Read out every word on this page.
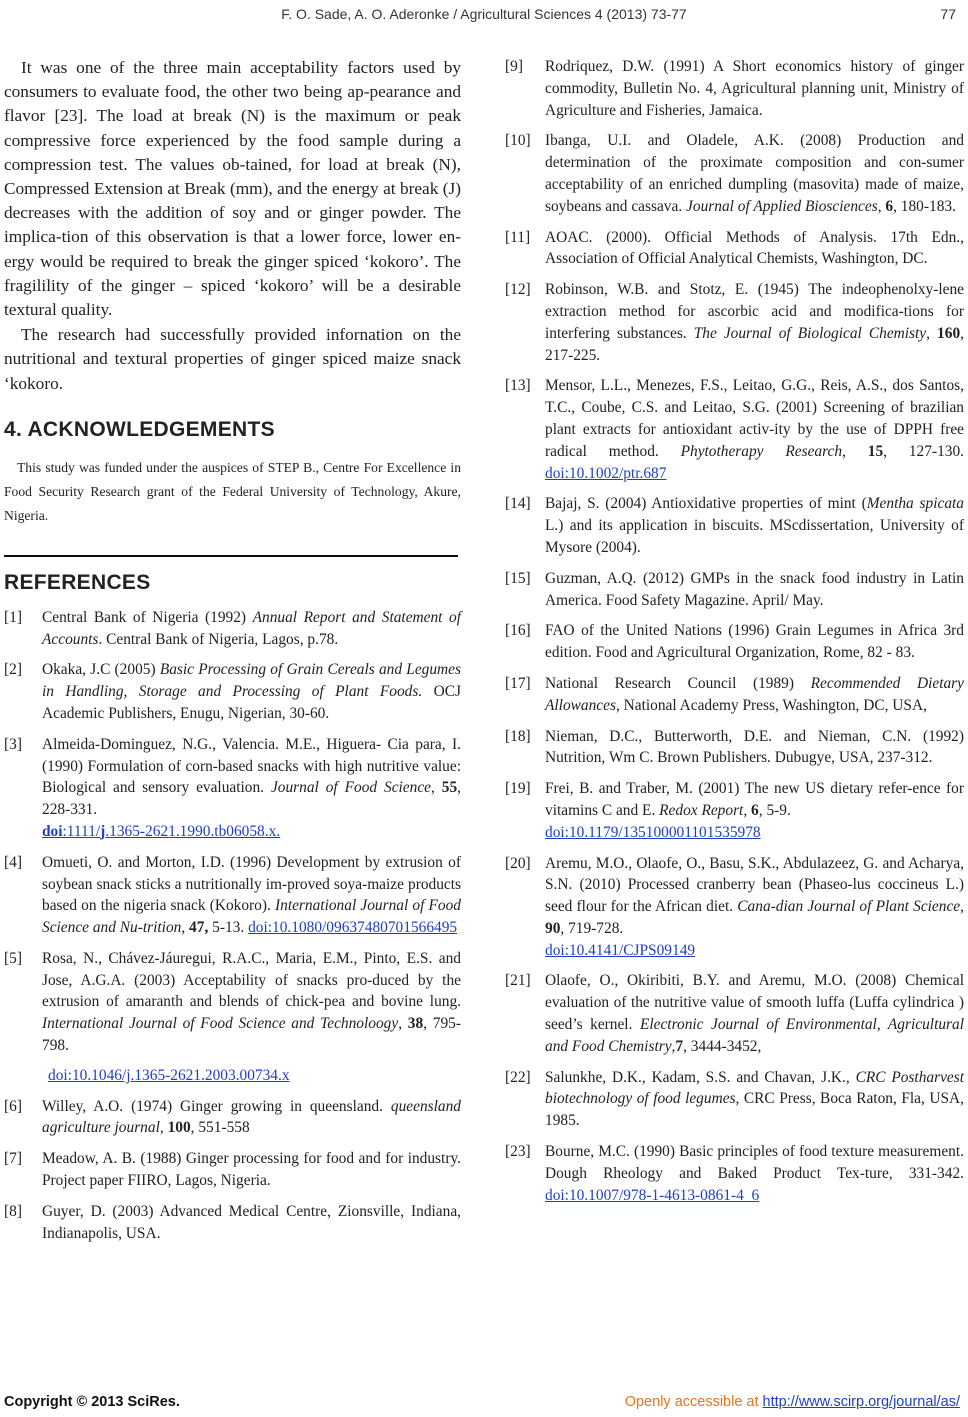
F. O. Sade, A. O. Aderonke / Agricultural Sciences 4 (2013) 73-77	77

It was one of the three main acceptability factors used by consumers to evaluate food, the other two being ap-pearance and flavor [23]. The load at break (N) is the maximum or peak compressive force experienced by the food sample during a compression test. The values ob-tained, for load at break (N), Compressed Extension at Break (mm), and the energy at break (J) decreases with the addition of soy and or ginger powder. The implica-tion of this observation is that a lower force, lower en-ergy would be required to break the ginger spiced ‘kokoro’. The fragilility of the ginger – spiced ‘kokoro’ will be a desirable textural quality.

The research had successfully provided infornation on the nutritional and textural properties of ginger spiced maize snack ‘kokoro.

4. ACKNOWLEDGEMENTS

This study was funded under the auspices of STEP B., Centre For Excellence in Food Security Research grant of the Federal University of Technology, Akure, Nigeria.

REFERENCES
[1] Central Bank of Nigeria (1992) Annual Report and Statement of Accounts. Central Bank of Nigeria, Lagos, p.78.
[2] Okaka, J.C (2005) Basic Processing of Grain Cereals and Legumes in Handling, Storage and Processing of Plant Foods. OCJ Academic Publishers, Enugu, Nigerian, 30-60.
[3] Almeida-Dominguez, N.G., Valencia. M.E., Higuera- Cia para, I. (1990) Formulation of corn-based snacks with high nutritive value: Biological and sensory evaluation. Journal of Food Science, 55, 228-331.
doi:1111/j.1365-2621.1990.tb06058.x.
[4] Omueti, O. and Morton, I.D. (1996) Development by extrusion of soybean snack sticks a nutritionally im-proved soya-maize products based on the nigeria snack (Kokoro). International Journal of Food Science and Nu-trition, 47, 5-13. doi:10.1080/09637480701566495
[5] Rosa, N., Chávez-Jáuregui, R.A.C., Maria, E.M., Pinto, E.S. and Jose, A.G.A. (2003) Acceptability of snacks pro-duced by the extrusion of amaranth and blends of chick-pea and bovine lung. International Journal of Food Science and Technoloogy, 38, 795-798.
doi:10.1046/j.1365-2621.2003.00734.x
[6] Willey, A.O. (1974) Ginger growing in queensland. queensland agriculture journal, 100, 551-558
[7] Meadow, A. B. (1988) Ginger processing for food and for industry. Project paper FIIRO, Lagos, Nigeria.
[8] Guyer, D. (2003) Advanced Medical Centre, Zionsville, Indiana, Indianapolis, USA.
[9] Rodriquez, D.W. (1991) A Short economics history of ginger commodity, Bulletin No. 4, Agricultural planning unit, Ministry of Agriculture and Fisheries, Jamaica.
[10] Ibanga, U.I. and Oladele, A.K. (2008) Production and determination of the proximate composition and con-sumer acceptability of an enriched dumpling (masovita) made of maize, soybeans and cassava. Journal of Applied Biosciences, 6, 180-183.
[11] AOAC. (2000). Official Methods of Analysis. 17th Edn., Association of Official Analytical Chemists, Washington, DC.
[12] Robinson, W.B. and Stotz, E. (1945) The indeophenolxy-lene extraction method for ascorbic acid and modifica-tions for interfering substances. The Journal of Biological Chemisty, 160, 217-225.
[13] Mensor, L.L., Menezes, F.S., Leitao, G.G., Reis, A.S., dos Santos, T.C., Coube, C.S. and Leitao, S.G. (2001) Screening of brazilian plant extracts for antioxidant activ-ity by the use of DPPH free radical method. Phytotherapy Research, 15, 127-130. doi:10.1002/ptr.687
[14] Bajaj, S. (2004) Antioxidative properties of mint (Mentha spicata L.) and its application in biscuits. MScdissertation, University of Mysore (2004).
[15] Guzman, A.Q. (2012) GMPs in the snack food industry in Latin America. Food Safety Magazine. April/ May.
[16] FAO of the United Nations (1996) Grain Legumes in Africa 3rd edition. Food and Agricultural Organization, Rome, 82 - 83.
[17] National Research Council (1989) Recommended Dietary Allowances, National Academy Press, Washington, DC, USA,
[18] Nieman, D.C., Butterworth, D.E. and Nieman, C.N. (1992) Nutrition, Wm C. Brown Publishers. Dubugye, USA, 237-312.
[19] Frei, B. and Traber, M. (2001) The new US dietary refer-ence for vitamins C and E. Redox Report, 6, 5-9.
doi:10.1179/135100001101535978
[20] Aremu, M.O., Olaofe, O., Basu, S.K., Abdulazeez, G. and Acharya, S.N. (2010) Processed cranberry bean (Phaseo-lus coccineus L.) seed flour for the African diet. Cana-dian Journal of Plant Science, 90, 719-728.
doi:10.4141/CJPS09149
[21] Olaofe, O., Okiribiti, B.Y. and Aremu, M.O. (2008) Chemical evaluation of the nutritive value of smooth luffa (Luffa cylindrica ) seed’s kernel. Electronic Journal of Environmental, Agricultural and Food Chemistry,7, 3444-3452,
[22] Salunkhe, D.K., Kadam, S.S. and Chavan, J.K., CRC Postharvest biotechnology of food legumes, CRC Press, Boca Raton, Fla, USA, 1985.
[23] Bourne, M.C. (1990) Basic principles of food texture measurement. Dough Rheology and Baked Product Tex-ture, 331-342. doi:10.1007/978-1-4613-0861-4_6
Copyright © 2013 SciRes.	Openly accessible at http://www.scirp.org/journal/as/
